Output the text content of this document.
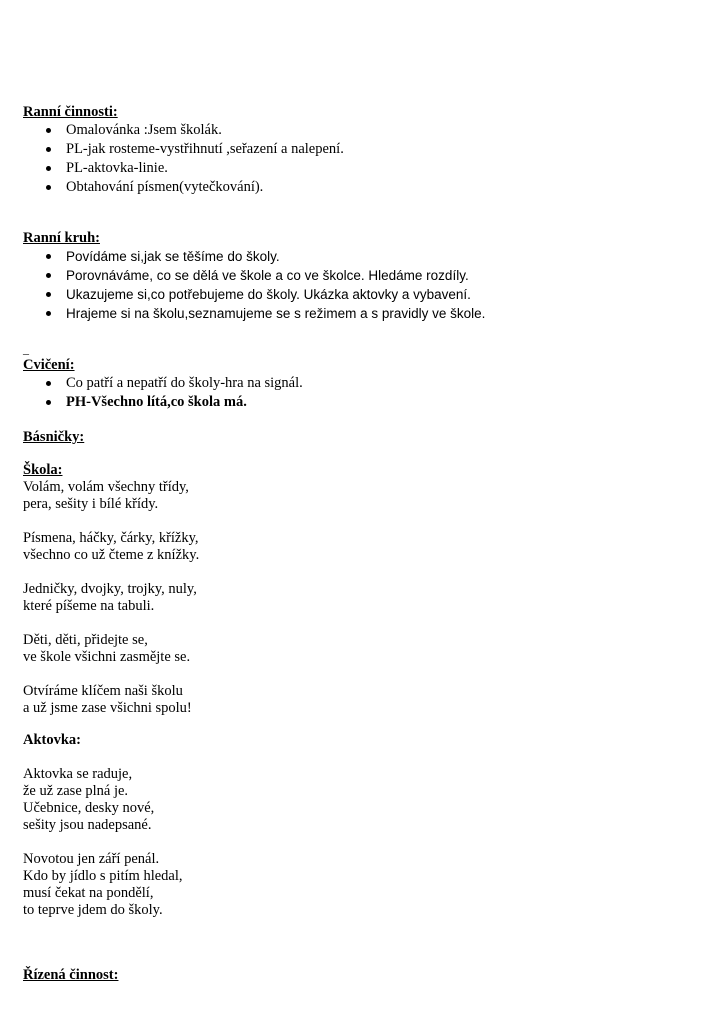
Ranní činnosti:
Omalovánka :Jsem školák.
PL-jak rosteme-vystřihnutí ,seřazení a nalepení.
PL-aktovka-linie.
Obtahování písmen(vytečkování).
Ranní kruh:
Povídáme si,jak se těšíme do školy.
Porovnáváme, co se dělá ve škole a co ve školce. Hledáme rozdíly.
Ukazujeme si,co potřebujeme do školy. Ukázka aktovky a vybavení.
Hrajeme si na školu,seznamujeme se s režimem a s pravidly ve škole.
_
Cvičení:
Co patří a nepatří do školy-hra na signál.
PH-Všechno lítá,co škola má.
Básničky:
Škola:
Volám, volám všechny třídy,
pera, sešity i bílé křídy.
Písmena, háčky, čárky, křížky,
všechno co už čteme z knížky.
Jedničky, dvojky, trojky, nuly,
které píšeme na tabuli.
Děti, děti, přidejte se,
ve škole všichni zasmějte se.
Otvíráme klíčem naši školu
a už jsme zase všichni spolu!
Aktovka:
Aktovka se raduje,
že už zase plná je.
Učebnice, desky nové,
sešity jsou nadepsané.
Novotou jen září penál.
Kdo by jídlo s pitím hledal,
musí čekat na pondělí,
to teprve jdem do školy.
Řízená činnost:
